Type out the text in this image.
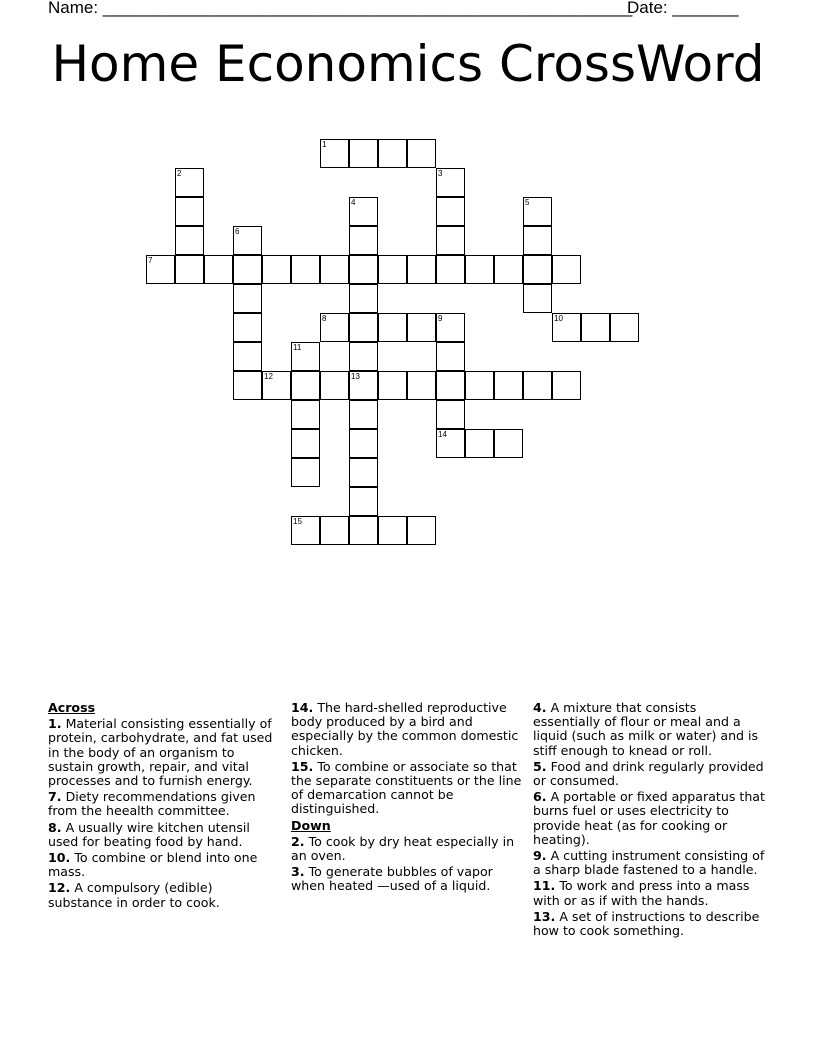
Name: ________________________________________________________
Date: _______
Home Economics CrossWord
1
2	3
4	5
6
7
8	9
14
10
11
12	13
15
Across
1. Material consisting essentially of protein, carbohydrate, and fat used in the body of an organism to sustain growth, repair, and vital processes and to furnish energy.
7. Diety recommendations given from the heealth committee.
8. A usually wire kitchen utensil used for beating food by hand.
10. To combine or blend into one mass.
12. A compulsory (edible) substance in order to cook.
14. The hard-shelled reproductive body produced by a bird and especially by the common domestic chicken.
15. To combine or associate so that the separate constituents or the line of demarcation cannot be distinguished.
Down
2. To cook by dry heat especially in an oven.
3. To generate bubbles of vapor when heated —used of a liquid.
4. A mixture that consists essentially of flour or meal and a liquid (such as milk or water) and is stiff enough to knead or roll.
5. Food and drink regularly provided or consumed.
6. A portable or fixed apparatus that burns fuel or uses electricity to provide heat (as for cooking or heating).
9. A cutting instrument consisting of a sharp blade fastened to a handle.
11. To work and press into a mass with or as if with the hands.
13. A set of instructions to describe how to cook something.
